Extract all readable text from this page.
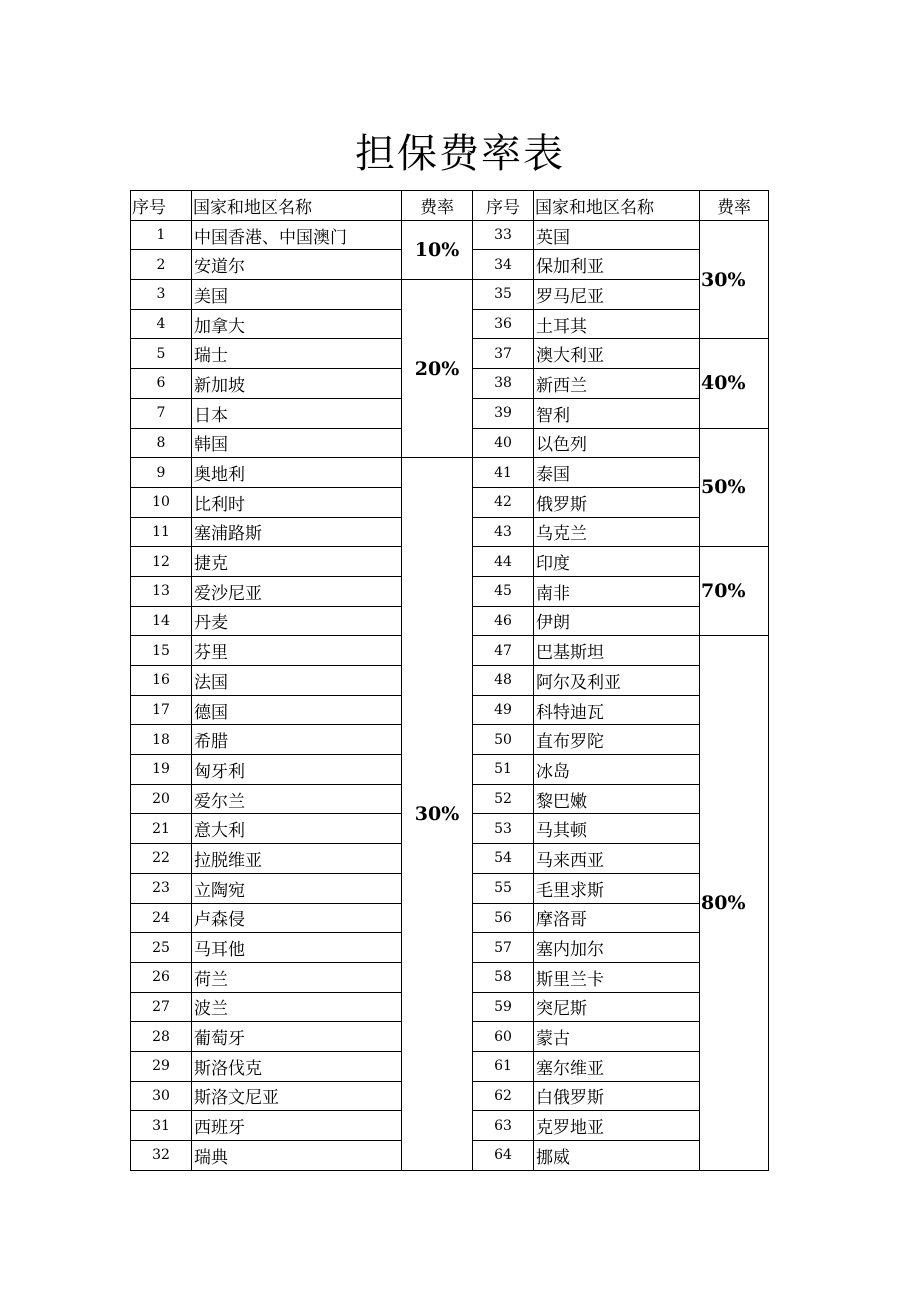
担保费率表
序号	国家和地区名称	费率	序号	国家和地区名称	费率
1	中国香港、中国澳门	10%	33	英国	30%
2	安道尔		34	保加利亚	
3	美国	20%	35	罗马尼亚	
4	加拿大		36	土耳其	
5	瑞士		37	澳大利亚	40%
6	新加坡		38	新西兰	
7	日本		39	智利	
8	韩国		40	以色列	50%
9	奥地利	30%	41	泰国	
10	比利时		42	俄罗斯	
11	塞浦路斯		43	乌克兰	
12	捷克		44	印度	70%
13	爱沙尼亚		45	南非	
14	丹麦		46	伊朗	
15	芬里		47	巴基斯坦	80%
16	法国		48	阿尔及利亚	
17	德国		49	科特迪瓦	
18	希腊		50	直布罗陀	
19	匈牙利		51	冰岛	
20	爱尔兰		52	黎巴嫩	
21	意大利		53	马其顿	
22	拉脱维亚		54	马来西亚	
23	立陶宛		55	毛里求斯	
24	卢森侵		56	摩洛哥	
25	马耳他		57	塞内加尔	
26	荷兰		58	斯里兰卡	
27	波兰		59	突尼斯	
28	葡萄牙		60	蒙古	
29	斯洛伐克		61	塞尔维亚	
30	斯洛文尼亚		62	白俄罗斯	
31	西班牙		63	克罗地亚	
32	瑞典		64	挪威	
